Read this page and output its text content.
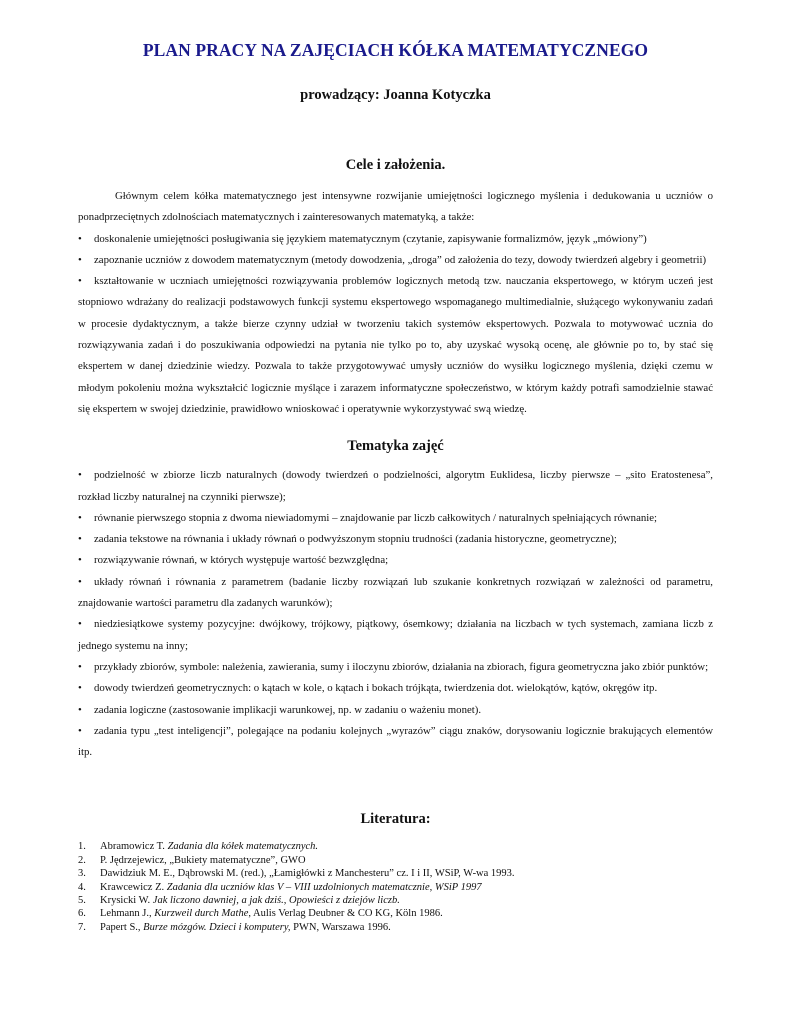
PLAN PRACY NA ZAJĘCIACH KÓŁKA MATEMATYCZNEGO

prowadzący: Joanna Kotyczka

Cele i założenia.

Głównym celem kółka matematycznego jest intensywne rozwijanie umiejętności logicznego myślenia i dedukowania u uczniów o ponadprzeciętnych zdolnościach matematycznych i zainteresowanych matematyką, a także:

• doskonalenie umiejętności posługiwania się językiem matematycznym (czytanie, zapisywanie formalizmów, język „mówiony”)

• zapoznanie uczniów z dowodem matematycznym (metody dowodzenia, „droga” od założenia do tezy, dowody twierdzeń algebry i geometrii)

• kształtowanie w uczniach umiejętności rozwiązywania problemów logicznych metodą tzw. nauczania ekspertowego, w którym uczeń jest stopniowo wdrażany do realizacji podstawowych funkcji systemu ekspertowego wspomaganego multimedialnie, służącego wykonywaniu zadań w procesie dydaktycznym, a także bierze czynny udział w tworzeniu takich systemów ekspertowych. Pozwala to motywować ucznia do rozwiązywania zadań i do poszukiwania odpowiedzi na pytania nie tylko po to, aby uzyskać wysoką ocenę, ale głównie po to, by stać się ekspertem w danej dziedzinie wiedzy. Pozwala to także przygotowywać umysły uczniów do wysiłku logicznego myślenia, dzięki czemu w młodym pokoleniu można wykształcić logicznie myślące i zarazem informatyczne społeczeństwo, w którym każdy potrafi samodzielnie stawać się ekspertem w swojej dziedzinie, prawidłowo wnioskować i operatywnie wykorzystywać swą wiedzę.

Tematyka zajęć

• podzielność w zbiorze liczb naturalnych (dowody twierdzeń o podzielności, algorytm Euklidesa, liczby pierwsze – „sito Eratostenesa”, rozkład liczby naturalnej na czynniki pierwsze);

• równanie pierwszego stopnia z dwoma niewiadomymi – znajdowanie par liczb całkowitych / naturalnych spełniających równanie;

• zadania tekstowe na równania i układy równań o podwyższonym stopniu trudności (zadania historyczne, geometryczne);

• rozwiązywanie równań, w których występuje wartość bezwzględna;

• układy równań i równania z parametrem (badanie liczby rozwiązań lub szukanie konkretnych rozwiązań w zależności od parametru, znajdowanie wartości parametru dla zadanych warunków);

• niedziesiątkowe systemy pozycyjne: dwójkowy, trójkowy, piątkowy, ósemkowy; działania na liczbach w tych systemach, zamiana liczb z jednego systemu na inny;

• przykłady zbiorów, symbole: należenia, zawierania, sumy i iloczynu zbiorów, działania na zbiorach, figura geometryczna jako zbiór punktów;

• dowody twierdzeń geometrycznych: o kątach w kole, o kątach i bokach trójkąta, twierdzenia dot. wielokątów, kątów, okręgów itp.

• zadania logiczne (zastosowanie implikacji warunkowej, np. w zadaniu o ważeniu monet).

• zadania typu „test inteligencji”, polegające na podaniu kolejnych „wyrazów” ciągu znaków, dorysowaniu logicznie brakujących elementów itp.

Literatura:
1.	Abramowicz T. Zadania dla kółek matematycznych.
2.	P. Jędrzejewicz, „Bukiety matematyczne”, GWO
3.	Dawidziuk M. E., Dąbrowski M. (red.), „Łamigłówki z Manchesteru” cz. I i II, WSiP, W-wa 1993.
4.	Krawcewicz Z. Zadania dla uczniów klas V – VIII uzdolnionych matematcznie, WSiP 1997
5.	Krysicki W. Jak liczono dawniej, a jak dziś., Opowieści z dziejów liczb.
6.	Lehmann J., Kurzweil durch Mathe, Aulis Verlag Deubner & CO KG, Köln 1986.
7.	Papert S., Burze mózgów. Dzieci i komputery, PWN, Warszawa 1996.
